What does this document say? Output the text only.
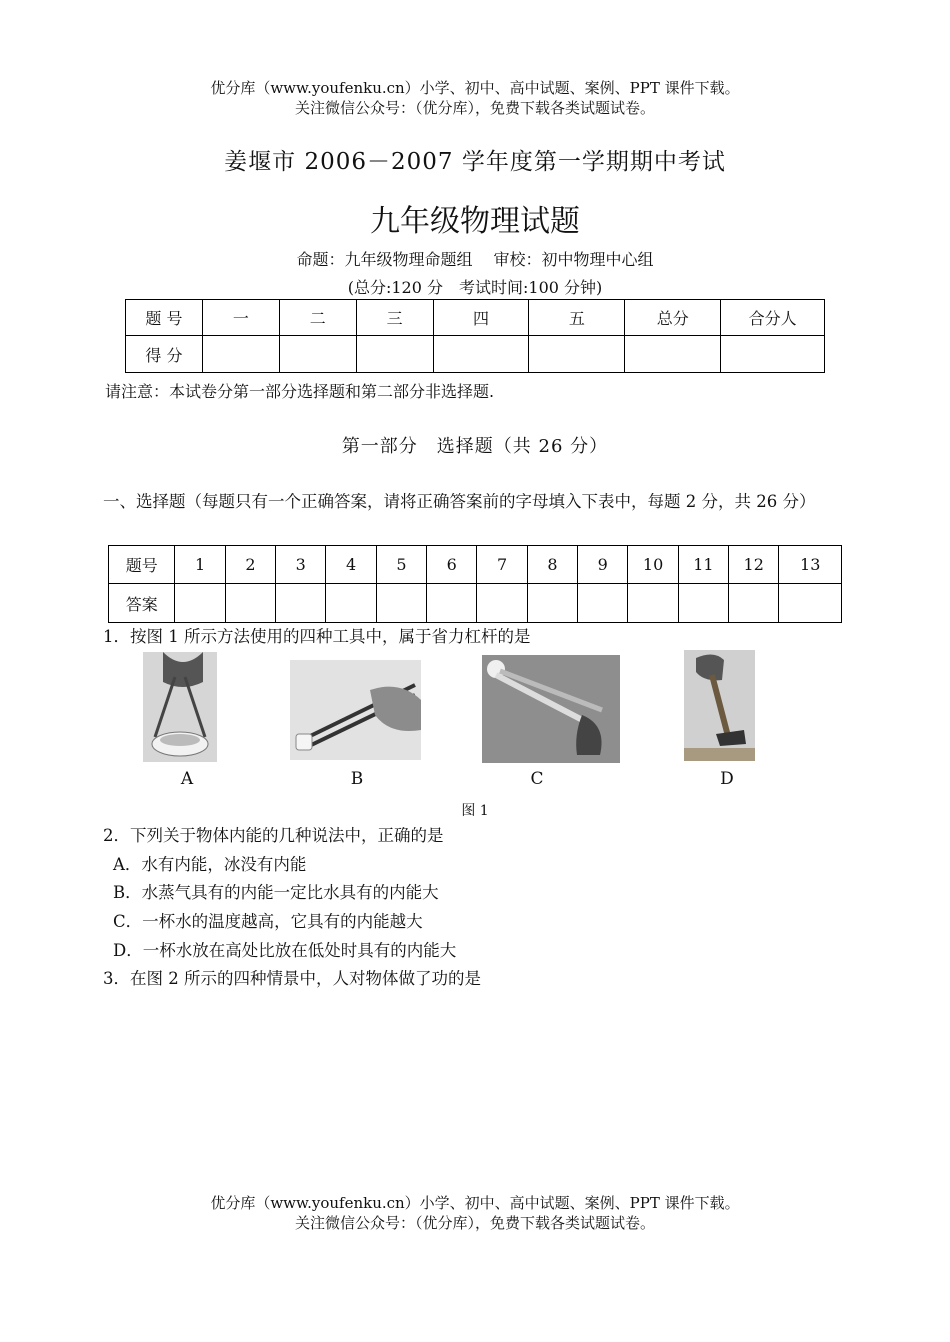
优分库（www.youfenku.cn）小学、初中、高中试题、案例、PPT 课件下载。
关注微信公众号：（优分库），免费下载各类试题试卷。
姜堰市 2006－2007 学年度第一学期期中考试
九年级物理试题
命题：九年级物理命题组　 审校：初中物理中心组
(总分:120 分　考试时间:100 分钟)
题 号	一	二	三	四	五	总分	合分人
得 分							
请注意：本试卷分第一部分选择题和第二部分非选择题.
第一部分　选择题（共 26 分）
一、选择题（每题只有一个正确答案，请将正确答案前的字母填入下表中，每题 2 分，共 26 分）
题号	1	2	3	4	5	6	7	8	9	10	11	12	13
答案													
1．按图 1 所示方法使用的四种工具中，属于省力杠杆的是
A	B	C	D
图 1
2．下列关于物体内能的几种说法中，正确的是
A．水有内能，冰没有内能
B．水蒸气具有的内能一定比水具有的内能大
C．一杯水的温度越高，它具有的内能越大
D．一杯水放在高处比放在低处时具有的内能大
3．在图 2 所示的四种情景中，人对物体做了功的是
优分库（www.youfenku.cn）小学、初中、高中试题、案例、PPT 课件下载。
关注微信公众号：（优分库），免费下载各类试题试卷。
